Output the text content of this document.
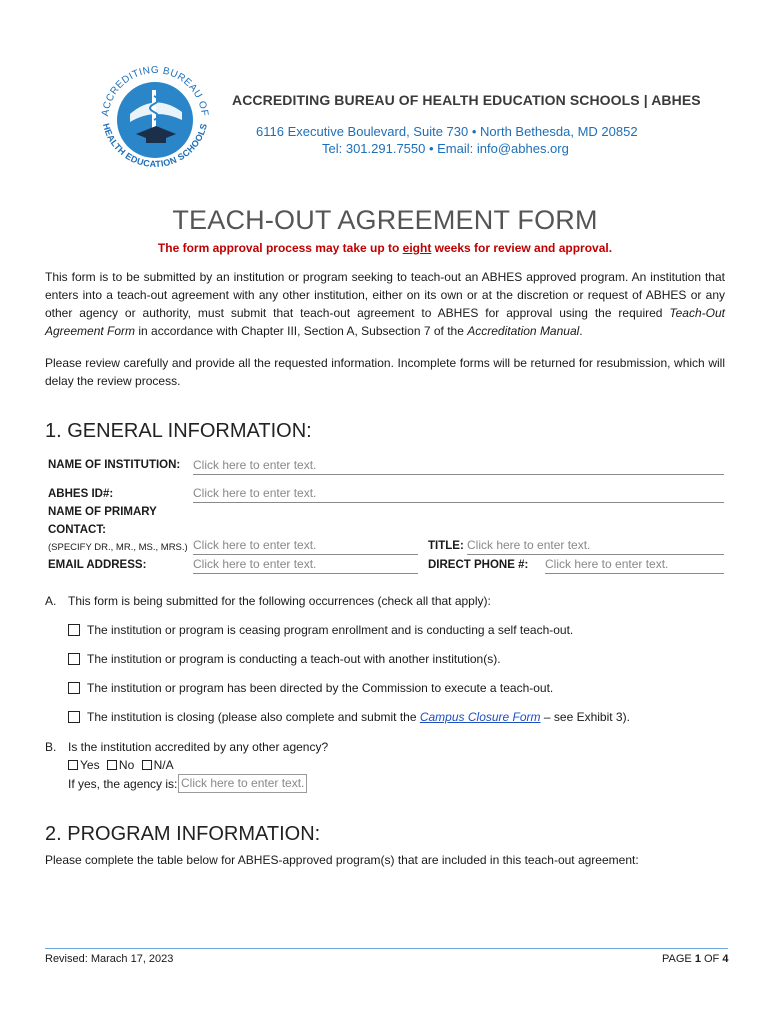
ACCREDITING BUREAU OF
HEALTH EDUCATION SCHOOLS
ACCREDITING BUREAU OF HEALTH EDUCATION SCHOOLS | ABHES
6116 Executive Boulevard, Suite 730 • North Bethesda, MD 20852
Tel: 301.291.7550 • Email: info@abhes.org
TEACH-OUT AGREEMENT FORM
The form approval process may take up to eight weeks for review and approval.
This form is to be submitted by an institution or program seeking to teach-out an ABHES approved program. An institution that enters into a teach-out agreement with any other institution, either on its own or at the discretion or request of ABHES or any other agency or authority, must submit that teach-out agreement to ABHES for approval using the required Teach-Out Agreement Form in accordance with Chapter III, Section A, Subsection 7 of the Accreditation Manual.
Please review carefully and provide all the requested information. Incomplete forms will be returned for resubmission, which will delay the review process.
1. GENERAL INFORMATION:
NAME OF INSTITUTION: Click here to enter text.
ABHES ID#:	Click here to enter text.
NAME OF PRIMARY
CONTACT:
(SPECIFY DR., MR., MS., MRS.) Click here to enter text.	TITLE: Click here to enter text.
EMAIL ADDRESS:	Click here to enter text.	DIRECT PHONE #: Click here to enter text.
A. This form is being submitted for the following occurrences (check all that apply):
The institution or program is ceasing program enrollment and is conducting a self teach-out.
The institution or program is conducting a teach-out with another institution(s).
The institution or program has been directed by the Commission to execute a teach-out.
The institution is closing (please also complete and submit the Campus Closure Form – see Exhibit 3).
B. Is the institution accredited by any other agency?
Yes No N/A
If yes, the agency is: Click here to enter text.
2. PROGRAM INFORMATION:
Please complete the table below for ABHES-approved program(s) that are included in this teach-out agreement:
Revised: Marach 17, 2023	PAGE 1 OF 4
